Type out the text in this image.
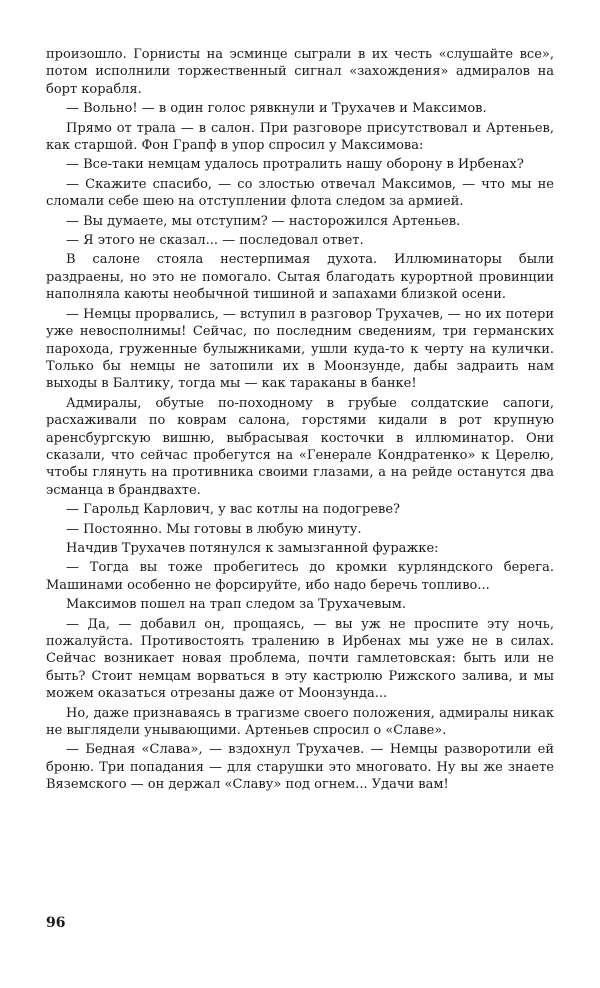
произошло. Горнисты на эсминце сыграли в их честь «слушайте все», потом исполнили торжественный сигнал «захождения» адмиралов на борт корабля.

— Вольно! — в один голос рявкнули и Трухачев и Максимов.

Прямо от трала — в салон. При разговоре присутствовал и Артеньев, как старшой. Фон Грапф в упор спросил у Максимова:

— Все-таки немцам удалось протралить нашу оборону в Ирбенах?

— Скажите спасибо, — со злостью отвечал Максимов, — что мы не сломали себе шею на отступлении флота следом за армией.

— Вы думаете, мы отступим? — насторожился Артеньев.

— Я этого не сказал... — последовал ответ.

В салоне стояла нестерпимая духота. Иллюминаторы были раздраены, но это не помогало. Сытая благодать курортной провинции наполняла каюты необычной тишиной и запахами близкой осени.

— Немцы прорвались, — вступил в разговор Трухачев, — но их потери уже невосполнимы! Сейчас, по последним сведениям, три германских парохода, груженные булыжниками, ушли куда-то к черту на кулички. Только бы немцы не затопили их в Моонзунде, дабы задраить нам выходы в Балтику, тогда мы — как тараканы в банке!

Адмиралы, обутые по-походному в грубые солдатские сапоги, расхаживали по коврам салона, горстями кидали в рот крупную аренсбургскую вишню, выбрасывая косточки в иллюминатор. Они сказали, что сейчас пробегутся на «Генерале Кондратенко» к Церелю, чтобы глянуть на противника своими глазами, а на рейде останутся два эсманца в брандвахте.

— Гарольд Карлович, у вас котлы на подогреве?

— Постоянно. Мы готовы в любую минуту.

Начдив Трухачев потянулся к замызганной фуражке:

— Тогда вы тоже пробегитесь до кромки курляндского берега. Машинами особенно не форсируйте, ибо надо беречь топливо...

Максимов пошел на трап следом за Трухачевым.

— Да, — добавил он, прощаясь, — вы уж не проспите эту ночь, пожалуйста. Противостоять тралению в Ирбенах мы уже не в силах. Сейчас возникает новая проблема, почти гамлетовская: быть или не быть? Стоит немцам ворваться в эту кастрюлю Рижского залива, и мы можем оказаться отрезаны даже от Моонзунда...

Но, даже признаваясь в трагизме своего положения, адмиралы никак не выглядели унывающими. Артеньев спросил о «Славе».

— Бедная «Слава», — вздохнул Трухачев. — Немцы разворотили ей броню. Три попадания — для старушки это многовато. Ну вы же знаете Вяземского — он держал «Славу» под огнем... Удачи вам!

96
